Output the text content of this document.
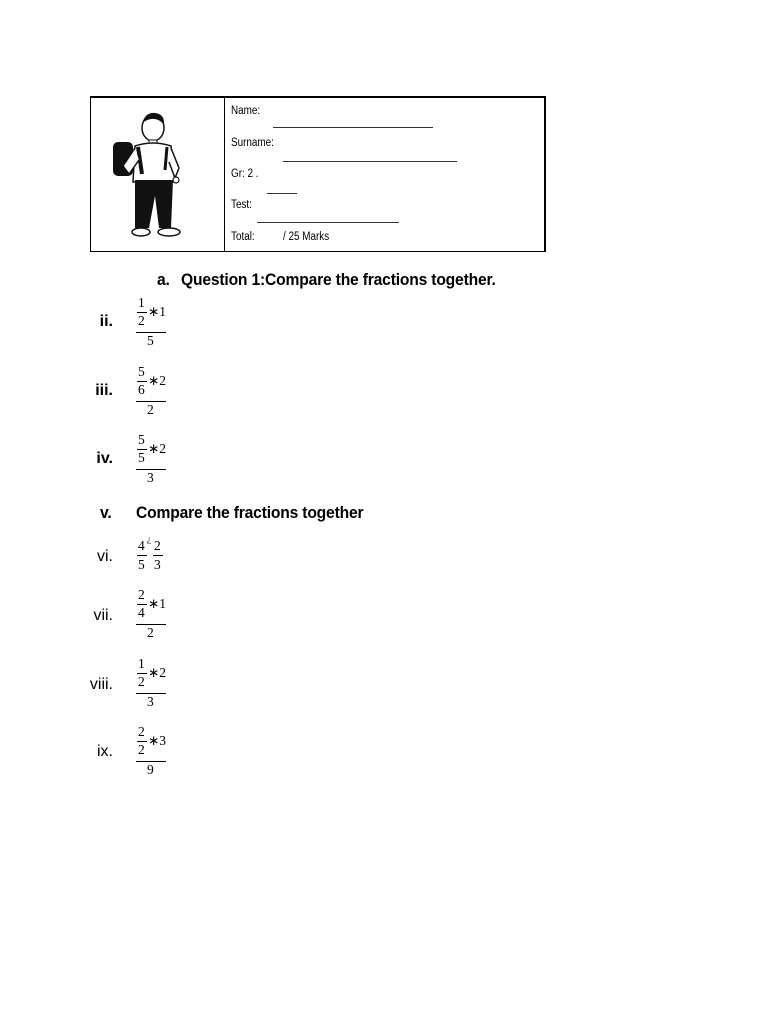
Name:
Surname:
Gr: 2 .
Test:
Total: / 25 Marks
a. Question 1:Compare the fractions together.
ii.
1
2
∗1
5
iii.
5
6
∗2
2
iv.
5
5
∗2
3
v. Compare the fractions together
vi.
4 ¿
5
2
3
vii.
2
4
∗1
2
viii.
1
2
∗2
3
ix.
2
2
∗3
9
